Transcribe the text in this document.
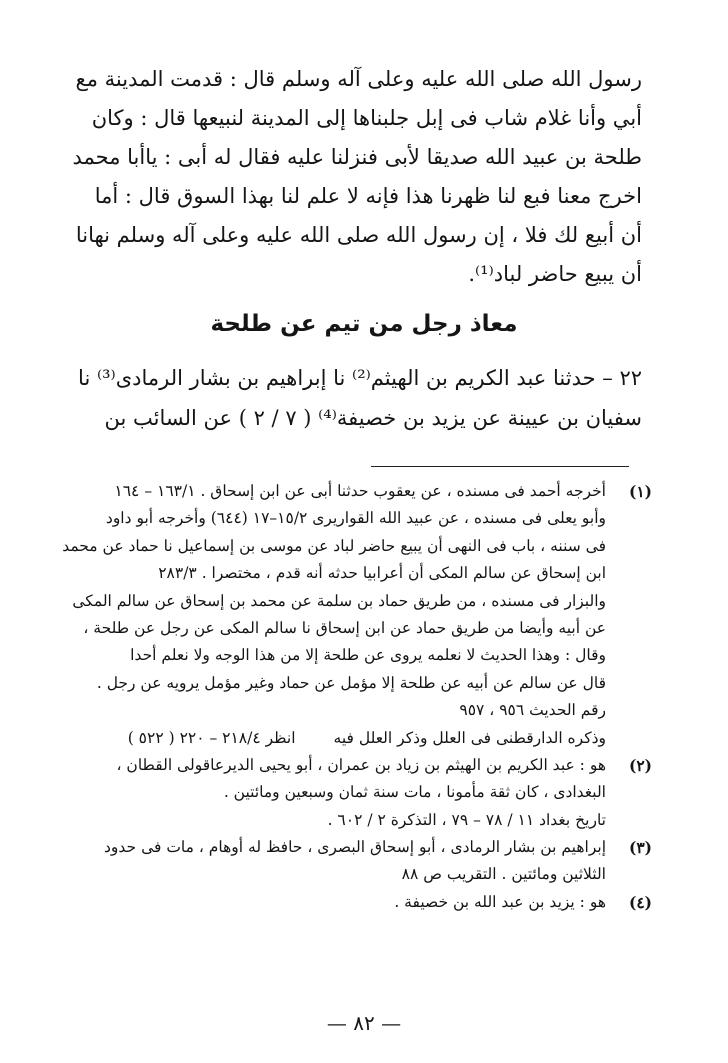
رسول الله صلى الله عليه وعلى آله وسلم قال : قدمت المدينة مع
أبي وأنا غلام شاب فى إبل جلبناها إلى المدينة لنبيعها قال : وكان
طلحة بن عبيد الله صديقا لأبى فنزلنا عليه فقال له أبى : ياأبا محمد
اخرج معنا فبع لنا ظهرنا هذا فإنه لا علم لنا بهذا السوق قال : أما
أن أبيع لك فلا ، إن رسول الله صلى الله عليه وعلى آله وسلم نهانا
أن يبيع حاضر لباد⁽¹⁾.
معاذ رجل من تيم عن طلحة
٢٢ – حدثنا عبد الكريم بن الهيثم⁽²⁾ نا إبراهيم بن بشار الرمادى⁽³⁾ نا
سفيان بن عيينة عن يزيد بن خصيفة⁽⁴⁾ ( ٧ / ٢ ) عن السائب بن
(١)
أخرجه أحمد فى مسنده ، عن يعقوب حدثنا أبى عن ابن إسحاق . ١٦٣/١ – ١٦٤
وأبو يعلى فى مسنده ، عن عبيد الله القواريرى ١٥/٢–١٧ (٦٤٤) وأخرجه أبو داود
فى سننه ، باب فى النهى أن يبيع حاضر لباد عن موسى بن إسماعيل نا حماد عن محمد
ابن إسحاق عن سالم المكى أن أعرابيا حدثه أنه قدم ، مختصرا . ٢٨٣/٣
والبزار فى مسنده ، من طريق حماد بن سلمة عن محمد بن إسحاق عن سالم المكى
عن أبيه وأيضا من طريق حماد عن ابن إسحاق نا سالم المكى عن رجل عن طلحة ،
وقال : وهذا الحديث لا نعلمه يروى عن طلحة إلا من هذا الوجه ولا نعلم أحدا
قال عن سالم عن أبيه عن طلحة إلا مؤمل عن حماد وغير مؤمل يرويه عن رجل .
رقم الحديث ٩٥٦ ، ٩٥٧
وذكره الدارقطنى فى العلل وذكر العلل فيهانظر ٢١٨/٤ – ٢٢٠ ( ٥٢٢ )
(٢)
هو : عبد الكريم بن الهيثم بن زياد بن عمران ، أبو يحيى الديرعاقولى القطان ،
البغدادى ، كان ثقة مأمونا ، مات سنة ثمان وسبعين ومائتين .
تاريخ بغداد ١١ / ٧٨ – ٧٩ ، التذكرة ٢ / ٦٠٢ .
(٣)
إبراهيم بن بشار الرمادى ، أبو إسحاق البصرى ، حافظ له أوهام ، مات فى حدود
الثلاثين ومائتين . التقريب ص ٨٨
(٤)
هو : يزيد بن عبد الله بن خصيفة .
— ٨٢ —
